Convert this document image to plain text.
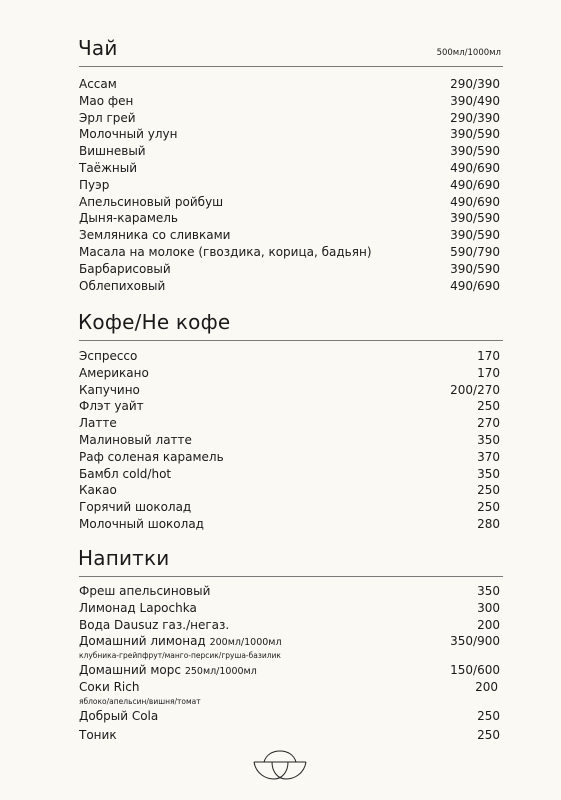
Чай	500мл/1000мл
Ассам	290/390
Мао фен	390/490
Эрл грей	290/390
Молочный улун	390/590
Вишневый	390/590
Таёжный	490/690
Пуэр	490/690
Апельсиновый ройбуш	490/690
Дыня-карамель	390/590
Земляника со сливками	390/590
Масала на молоке (гвоздика, корица, бадьян)	590/790
Барбарисовый	390/590
Облепиховый	490/690
Кофе/Не кофе
Эспрессо	170
Американо	170
Капучино	200/270
Флэт уайт	250
Латте	270
Малиновый латте	350
Раф соленая карамель	370
Бамбл cold/hot	350
Какао	250
Горячий шоколад	250
Молочный шоколад	280
Напитки
Фреш апельсиновый	350
Лимонад Lapochka	300
Вода Dausuz газ./негаз.	200
Домашний лимонад 200мл/1000мл	350/900
клубника-грейпфрут/манго-персик/груша-базилик
Домашний морс 250мл/1000мл	150/600
Соки Rich	200
яблоко/апельсин/вишня/томат
Добрый Cola	250
Тоник	250
